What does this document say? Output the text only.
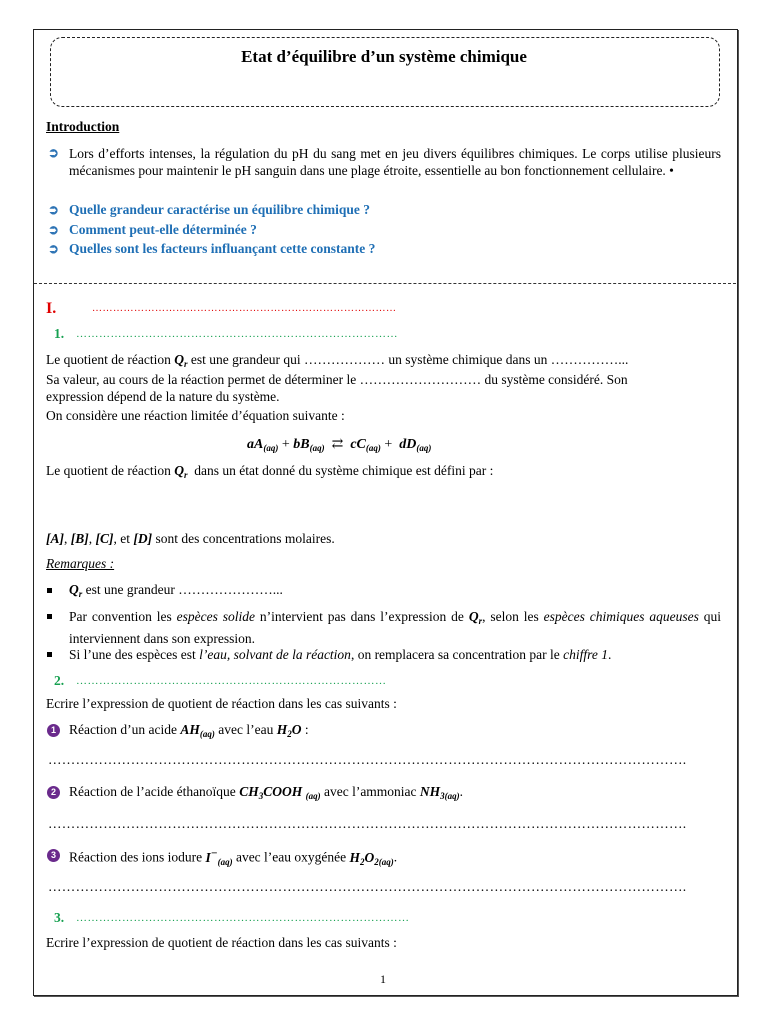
Etat d’équilibre d’un système chimique
Introduction
➲ Lors d’efforts intenses, la régulation du pH du sang met en jeu divers équilibres chimiques. Le corps utilise plusieurs mécanismes pour maintenir le pH sanguin dans une plage étroite, essentielle au bon fonctionnement cellulaire. •
➲ Quelle grandeur caractérise un équilibre chimique ?
➲ Comment peut-elle déterminée ?
➲ Quelles sont les facteurs influançant cette constante ?
I.	……………………………………………………………………………
1. …………………………………………………………………………
Le quotient de réaction $Q_r$ est une grandeur qui ……………… un système chimique dans un ……………...
Sa valeur, au cours de la réaction permet de déterminer le ……………………… du système considéré. Son
expression dépend de la nature du système.
On considère une réaction limitée d’équation suivante :
$aA_{(aq)} + bB_{(aq)}$  ⇄  $cC_{(aq)} + dD_{(aq)}$
Le quotient de réaction $Q_r$ dans un état donné du système chimique est défini par :
[A], [B], [C], et [D] sont des concentrations molaires.
Remarques :
$Q_r$ est une grandeur …………………...
Par convention les espèces solide n’intervient pas dans l’expression de $Q_r$, selon les espèces chimiques aqueuses qui interviennent dans son expression.
Si l’une des espèces est l’eau, solvant de la réaction, on remplacera sa concentration par le chiffre 1.
2. ………………………………………………………………………
Ecrire l’expression de quotient de réaction dans les cas suivants :
1 Réaction d’un acide $AH_{(aq)}$ avec l’eau $H_2O$ :
………………………………………………………………………………………………………………………….
2 Réaction de l’acide éthanoïque $CH_3COOH$ $_{(aq)}$ avec l’ammoniac $NH_{3(aq)}$.
………………………………………………………………………………………………………………………….
3 Réaction des ions iodure $I^-_{(aq)}$ avec l’eau oxygénée $H_2O_{2(aq)}$.
………………………………………………………………………………………………………………………….
3. ……………………………………………………………………………
Ecrire l’expression de quotient de réaction dans les cas suivants :
1
